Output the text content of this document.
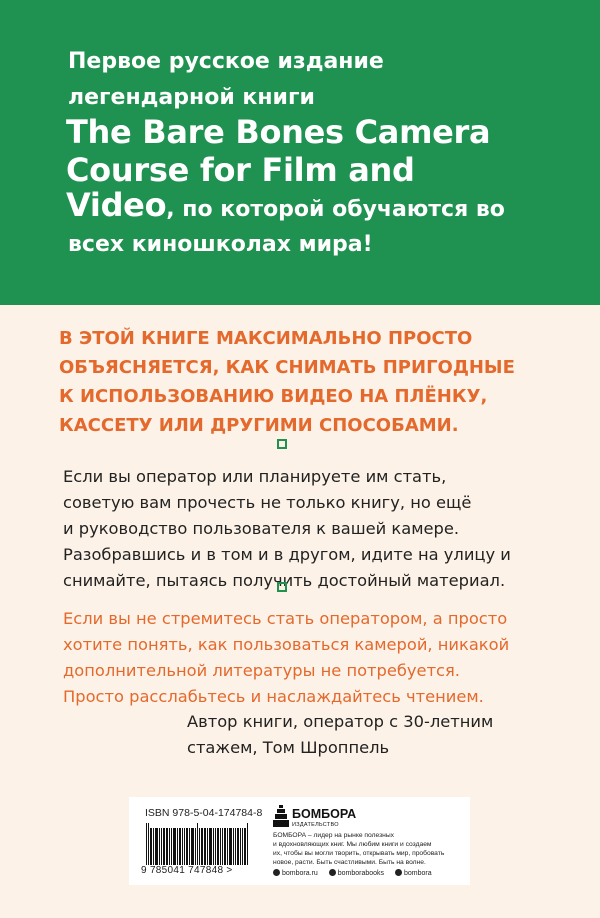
Первое русское издание
легендарной книги
The Bare Bones Camera
Course for Film and
Video, по которой обучаются во
всех киношколах мира!
В ЭТОЙ КНИГЕ МАКСИМАЛЬНО ПРОСТО
ОБЪЯСНЯЕТСЯ, КАК СНИМАТЬ ПРИГОДНЫЕ
К ИСПОЛЬЗОВАНИЮ ВИДЕО НА ПЛЁНКУ,
КАССЕТУ ИЛИ ДРУГИМИ СПОСОБАМИ.
Если вы оператор или планируете им стать,
советую вам прочесть не только книгу, но ещё
и руководство пользователя к вашей камере.
Разобравшись и в том и в другом, идите на улицу и
снимайте, пытаясь получить достойный материал.
Если вы не стремитесь стать оператором, а просто
хотите понять, как пользоваться камерой, никакой
дополнительной литературы не потребуется.
Просто расслабьтесь и наслаждайтесь чтением.
Автор книги, оператор с 30-летним
стажем, Том Шроппель
ISBN 978-5-04-174784-8
9 785041 747848 >
БОМБОРА
ИЗДАТЕЛЬСТВО
БОМБОРА – лидер на рынке полезных
и вдохновляющих книг. Мы любим книги и создаем
их, чтобы вы могли творить, открывать мир, пробовать
новое, расти. Быть счастливыми. Быть на волне.
bombora.ru	bomborabooks	bombora
